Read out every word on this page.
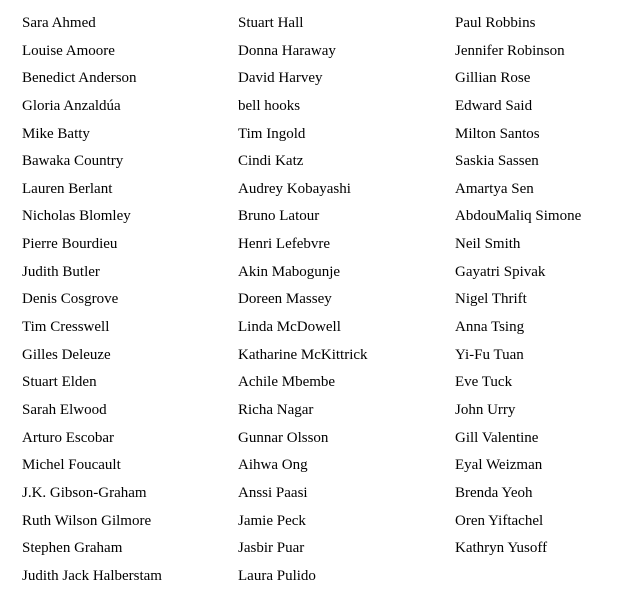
Sara Ahmed
Louise Amoore
Benedict Anderson
Gloria Anzaldúa
Mike Batty
Bawaka Country
Lauren Berlant
Nicholas Blomley
Pierre Bourdieu
Judith Butler
Denis Cosgrove
Tim Cresswell
Gilles Deleuze
Stuart Elden
Sarah Elwood
Arturo Escobar
Michel Foucault
J.K. Gibson-Graham
Ruth Wilson Gilmore
Stephen Graham
Judith Jack Halberstam
Stuart Hall
Donna Haraway
David Harvey
bell hooks
Tim Ingold
Cindi Katz
Audrey Kobayashi
Bruno Latour
Henri Lefebvre
Akin Mabogunje
Doreen Massey
Linda McDowell
Katharine McKittrick
Achile Mbembe
Richa Nagar
Gunnar Olsson
Aihwa Ong
Anssi Paasi
Jamie Peck
Jasbir Puar
Laura Pulido
Paul Robbins
Jennifer Robinson
Gillian Rose
Edward Said
Milton Santos
Saskia Sassen
Amartya Sen
AbdouMaliq Simone
Neil Smith
Gayatri Spivak
Nigel Thrift
Anna Tsing
Yi-Fu Tuan
Eve Tuck
John Urry
Gill Valentine
Eyal Weizman
Brenda Yeoh
Oren Yiftachel
Kathryn Yusoff
